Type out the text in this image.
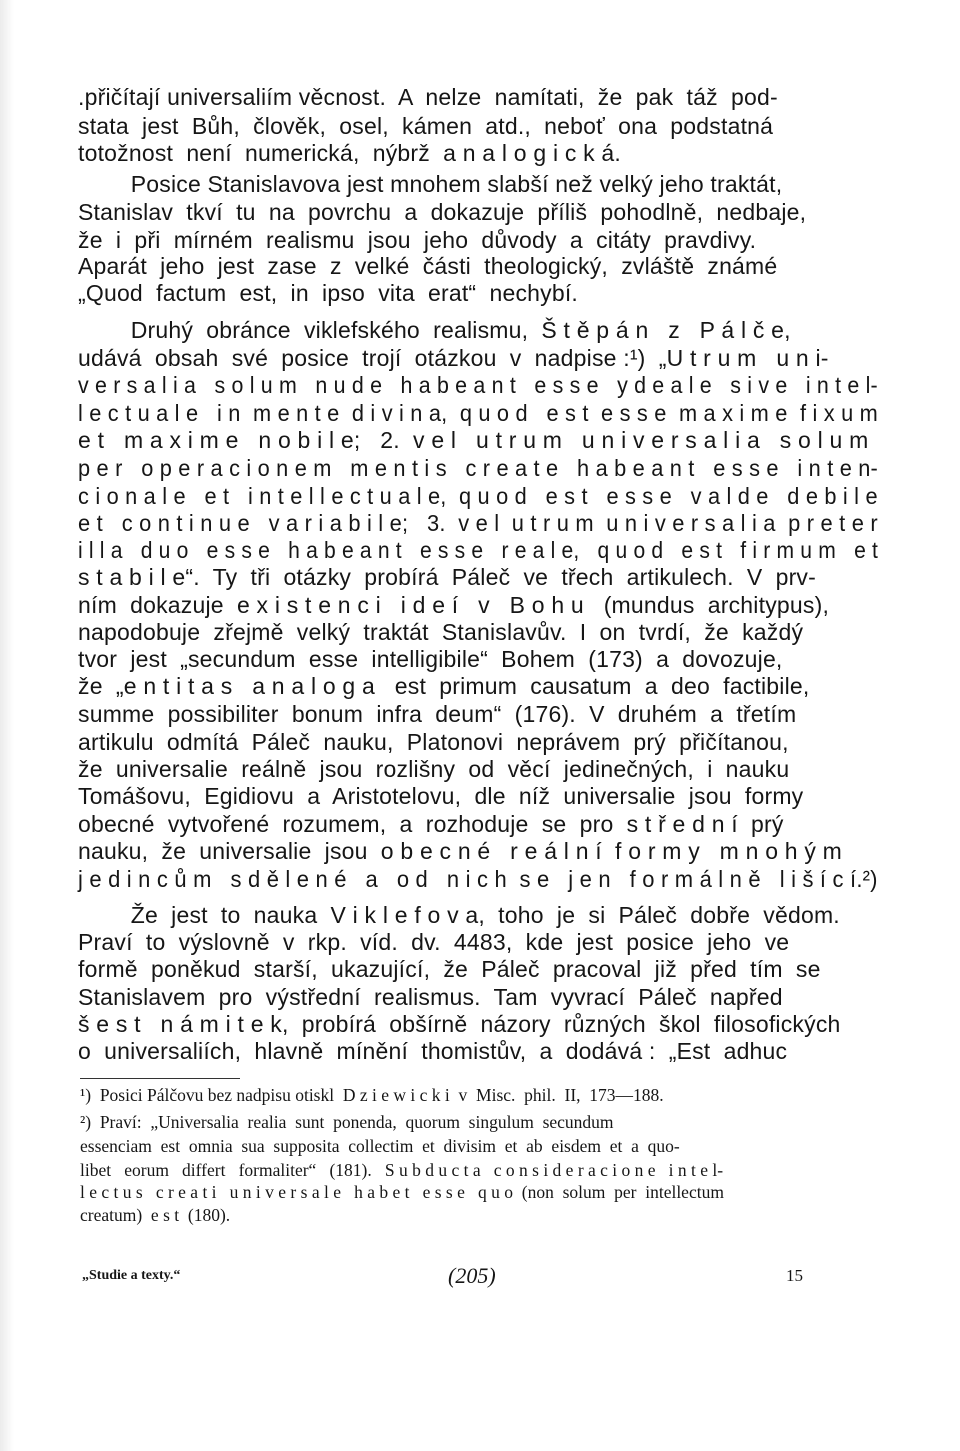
.přičítají universaliím věcnost.  A  nelze  namítati,  že  pak  táž  pod-
stata  jest  Bůh,  člověk,  osel,  kámen  atd.,  neboť  ona  podstatná
totožnost  není  numerická,  nýbrž  a n a l o g i c k á.
Posice Stanislavova jest mnohem slabší než velký jeho traktát,
Stanislav  tkví  tu  na  povrchu  a  dokazuje  příliš  pohodlně,  nedbaje,
že  i  při  mírném  realismu  jsou  jeho  důvody  a  citáty  pravdivy.
Aparát  jeho  jest  zase  z  velké  části  theologický,  zvláště  známé
„Quod  factum  est,  in  ipso  vita  erat“  nechybí.
Druhý  obránce  viklefského  realismu,  Š t ě p á n   z   P á l č e,
udává  obsah  své  posice  trojí  otázkou  v  nadpise :¹)  „U t r u m   u n i-
v e r s a l i a   s o l u m   n u d e   h a b e a n t   e s s e   y d e a l e   s i v e   i n t e l-
l e c t u a l e   i n  m e n t e  d i v i n a,  q u o d   e s t  e s s e  m a x i m e  f i x u m
e t   m a x i m e   n o b i l e;   2.  v e l   u t r u m   u n i v e r s a l i a   s o l u m
p e r   o p e r a c i o n e m   m e n t i s   c r e a t e   h a b e a n t   e s s e   i n t e n-
c i o n a l e   e t   i n t e l l e c t u a l e,  q u o d   e s t   e s s e   v a l d e   d e b i l e
e t   c o n t i n u e   v a r i a b i l e;   3.  v e l  u t r u m  u n i v e r s a l i a  p r e t e r
i l l a   d u o   e s s e   h a b e a n t   e s s e   r e a l e,   q u o d   e s t   f i r m u m   e t
s t a b i l e“.  Ty  tři  otázky  probírá  Páleč  ve  třech  artikulech.  V  prv-
ním  dokazuje  e x i s t e n c i   i d e í   v   B o h u   (mundus  architypus),
napodobuje  zřejmě  velký  traktát  Stanislavův.  I  on  tvrdí,  že  každý
tvor  jest  „secundum  esse  intelligibile“  Bohem  (173)  a  dovozuje,
že  „e n t i t a s   a n a l o g a   est  primum  causatum  a  deo  factibile,
summe  possibiliter  bonum  infra  deum“  (176).  V  druhém  a  třetím
artikulu  odmítá  Páleč  nauku,  Platonovi  neprávem  prý  přičítanou,
že  universalie  reálně  jsou  rozlišny  od  věcí  jedinečných,  i  nauku
Tomášovu,  Egidiovu  a  Aristotelovu,  dle  níž  universalie  jsou  formy
obecné  vytvořené  rozumem,  a  rozhoduje  se  pro  s t ř e d n í  prý
nauku,  že  universalie  jsou  o b e c n é   r e á l n í  f o r m y   m n o h ý m
j e d i n c ů m   s d ě l e n é   a   o d   n i c h  s e   j e n   f o r m á l n ě   l i š í c í.²)
Že  jest  to  nauka  V i k l e f o v a,  toho  je  si  Páleč  dobře  vědom.
Praví  to  výslovně  v  rkp.  víd.  dv.  4483,  kde  jest  posice  jeho  ve
formě  poněkud  starší,  ukazující,  že  Páleč  pracoval  již  před  tím  se
Stanislavem  pro  výstřední  realismus.  Tam  vyvrací  Páleč  napřed
š e s t   n á m i t e k,  probírá  obšírně  názory  různých  škol  filosofických
o  universaliích,  hlavně  mínění  thomistův,  a  dodává :  „Est  adhuc
¹)  Posici Pálčovu bez nadpisu otiskl  D z i e w i c k i  v  Misc.  phil.  II,  173—188.
²)  Praví:  „Universalia  realia  sunt  ponenda,  quorum  singulum  secundum
essenciam  est  omnia  sua  supposita  collectim  et  divisim  et  ab  eisdem  et  a  quo-
libet   eorum   differt   formaliter“   (181).   S u b d u c t a   c o n s i d e r a c i o n e   i n t e l-
l e c t u s   c r e a t i   u n i v e r s a l e   h a b e t   e s s e   q u o  (non  solum  per  intellectum
creatum)  e s t  (180).
„Studie a texty.“	(205)	15
